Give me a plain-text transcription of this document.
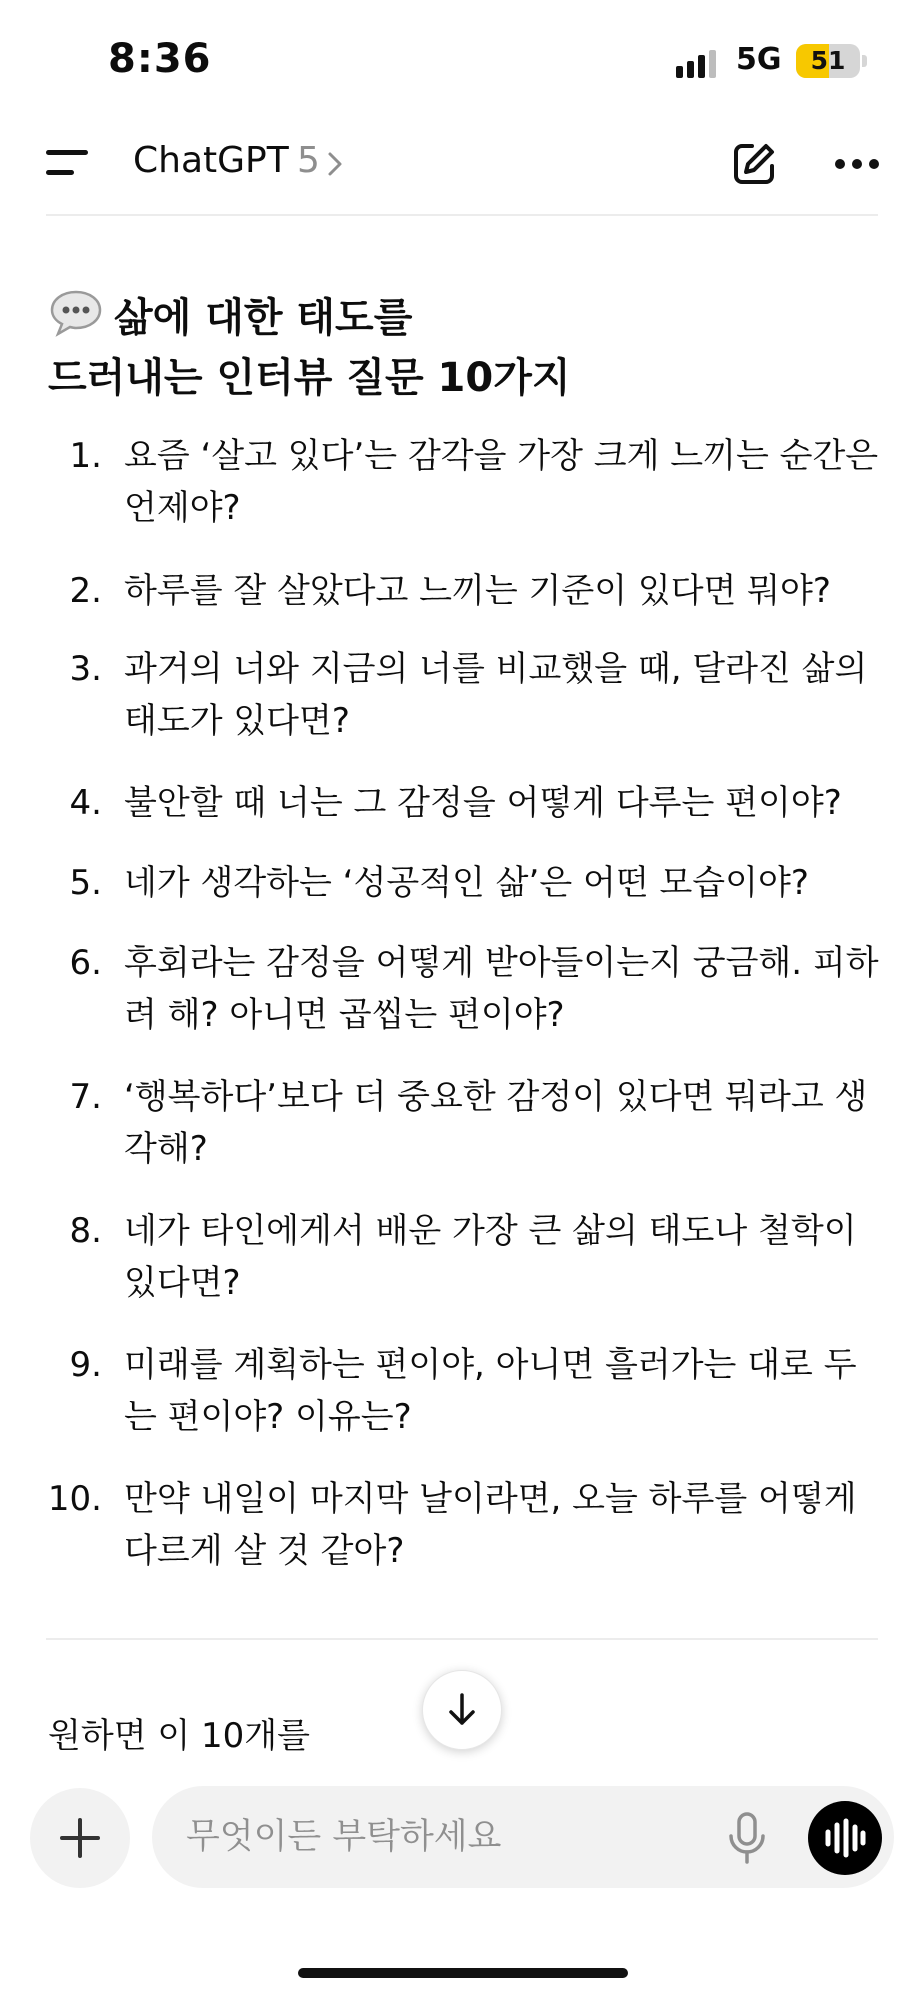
8:36	5G	51
ChatGPT 5
삶에 대한 태도를
드러내는 인터뷰 질문 10가지
1. 요즘 ‘살고 있다’는 감각을 가장 크게 느끼는 순간은
언제야?
2. 하루를 잘 살았다고 느끼는 기준이 있다면 뭐야?
3. 과거의 너와 지금의 너를 비교했을 때, 달라진 삶의
태도가 있다면?
4. 불안할 때 너는 그 감정을 어떻게 다루는 편이야?
5. 네가 생각하는 ‘성공적인 삶’은 어떤 모습이야?
6. 후회라는 감정을 어떻게 받아들이는지 궁금해. 피하
려 해? 아니면 곱씹는 편이야?
7. ‘행복하다’보다 더 중요한 감정이 있다면 뭐라고 생
각해?
8. 네가 타인에게서 배운 가장 큰 삶의 태도나 철학이
있다면?
9. 미래를 계획하는 편이야, 아니면 흘러가는 대로 두
는 편이야? 이유는?
10. 만약 내일이 마지막 날이라면, 오늘 하루를 어떻게
다르게 살 것 같아?
원하면 이 10개를
무엇이든 부탁하세요
